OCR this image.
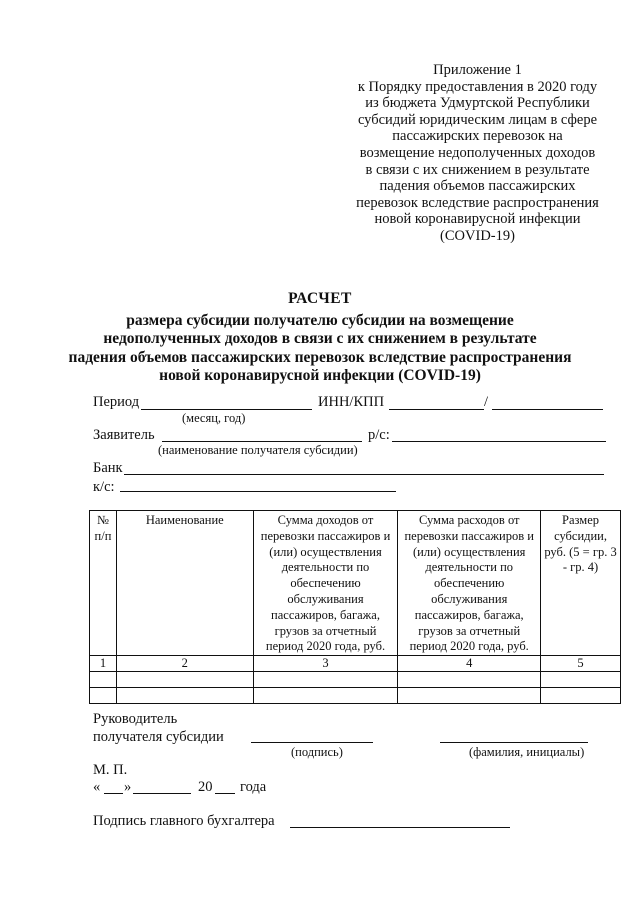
Приложение 1
к Порядку предоставления в 2020 году
из бюджета Удмуртской Республики
субсидий юридическим лицам в сфере
пассажирских перевозок на
возмещение недополученных доходов
в связи с их снижением в результате
падения объемов пассажирских
перевозок вследствие распространения
новой коронавирусной инфекции
(COVID-19)
РАСЧЕТ
размера субсидии получателю субсидии на возмещение
недополученных доходов в связи с их снижением в результате
падения объемов пассажирских перевозок вследствие распространения
новой коронавирусной инфекции (COVID-19)
Период	ИНН/КПП	/
(месяц, год)
Заявитель	р/с:
(наименование получателя субсидии)
Банк
к/с:
№ п/п	Наименование	Сумма доходов от перевозки пассажиров и (или) осуществления деятельности по обеспечению обслуживания пассажиров, багажа, грузов за отчетный период 2020 года, руб.	Сумма расходов от перевозки пассажиров и (или) осуществления деятельности по обеспечению обслуживания пассажиров, багажа, грузов за отчетный период 2020 года, руб.	Размер субсидии, руб. (5 = гр. 3 - гр. 4)
1	2	3	4	5

Руководитель
получателя субсидии
(подпись)	(фамилия, инициалы)
М. П.
« »	20 года
Подпись главного бухгалтера
